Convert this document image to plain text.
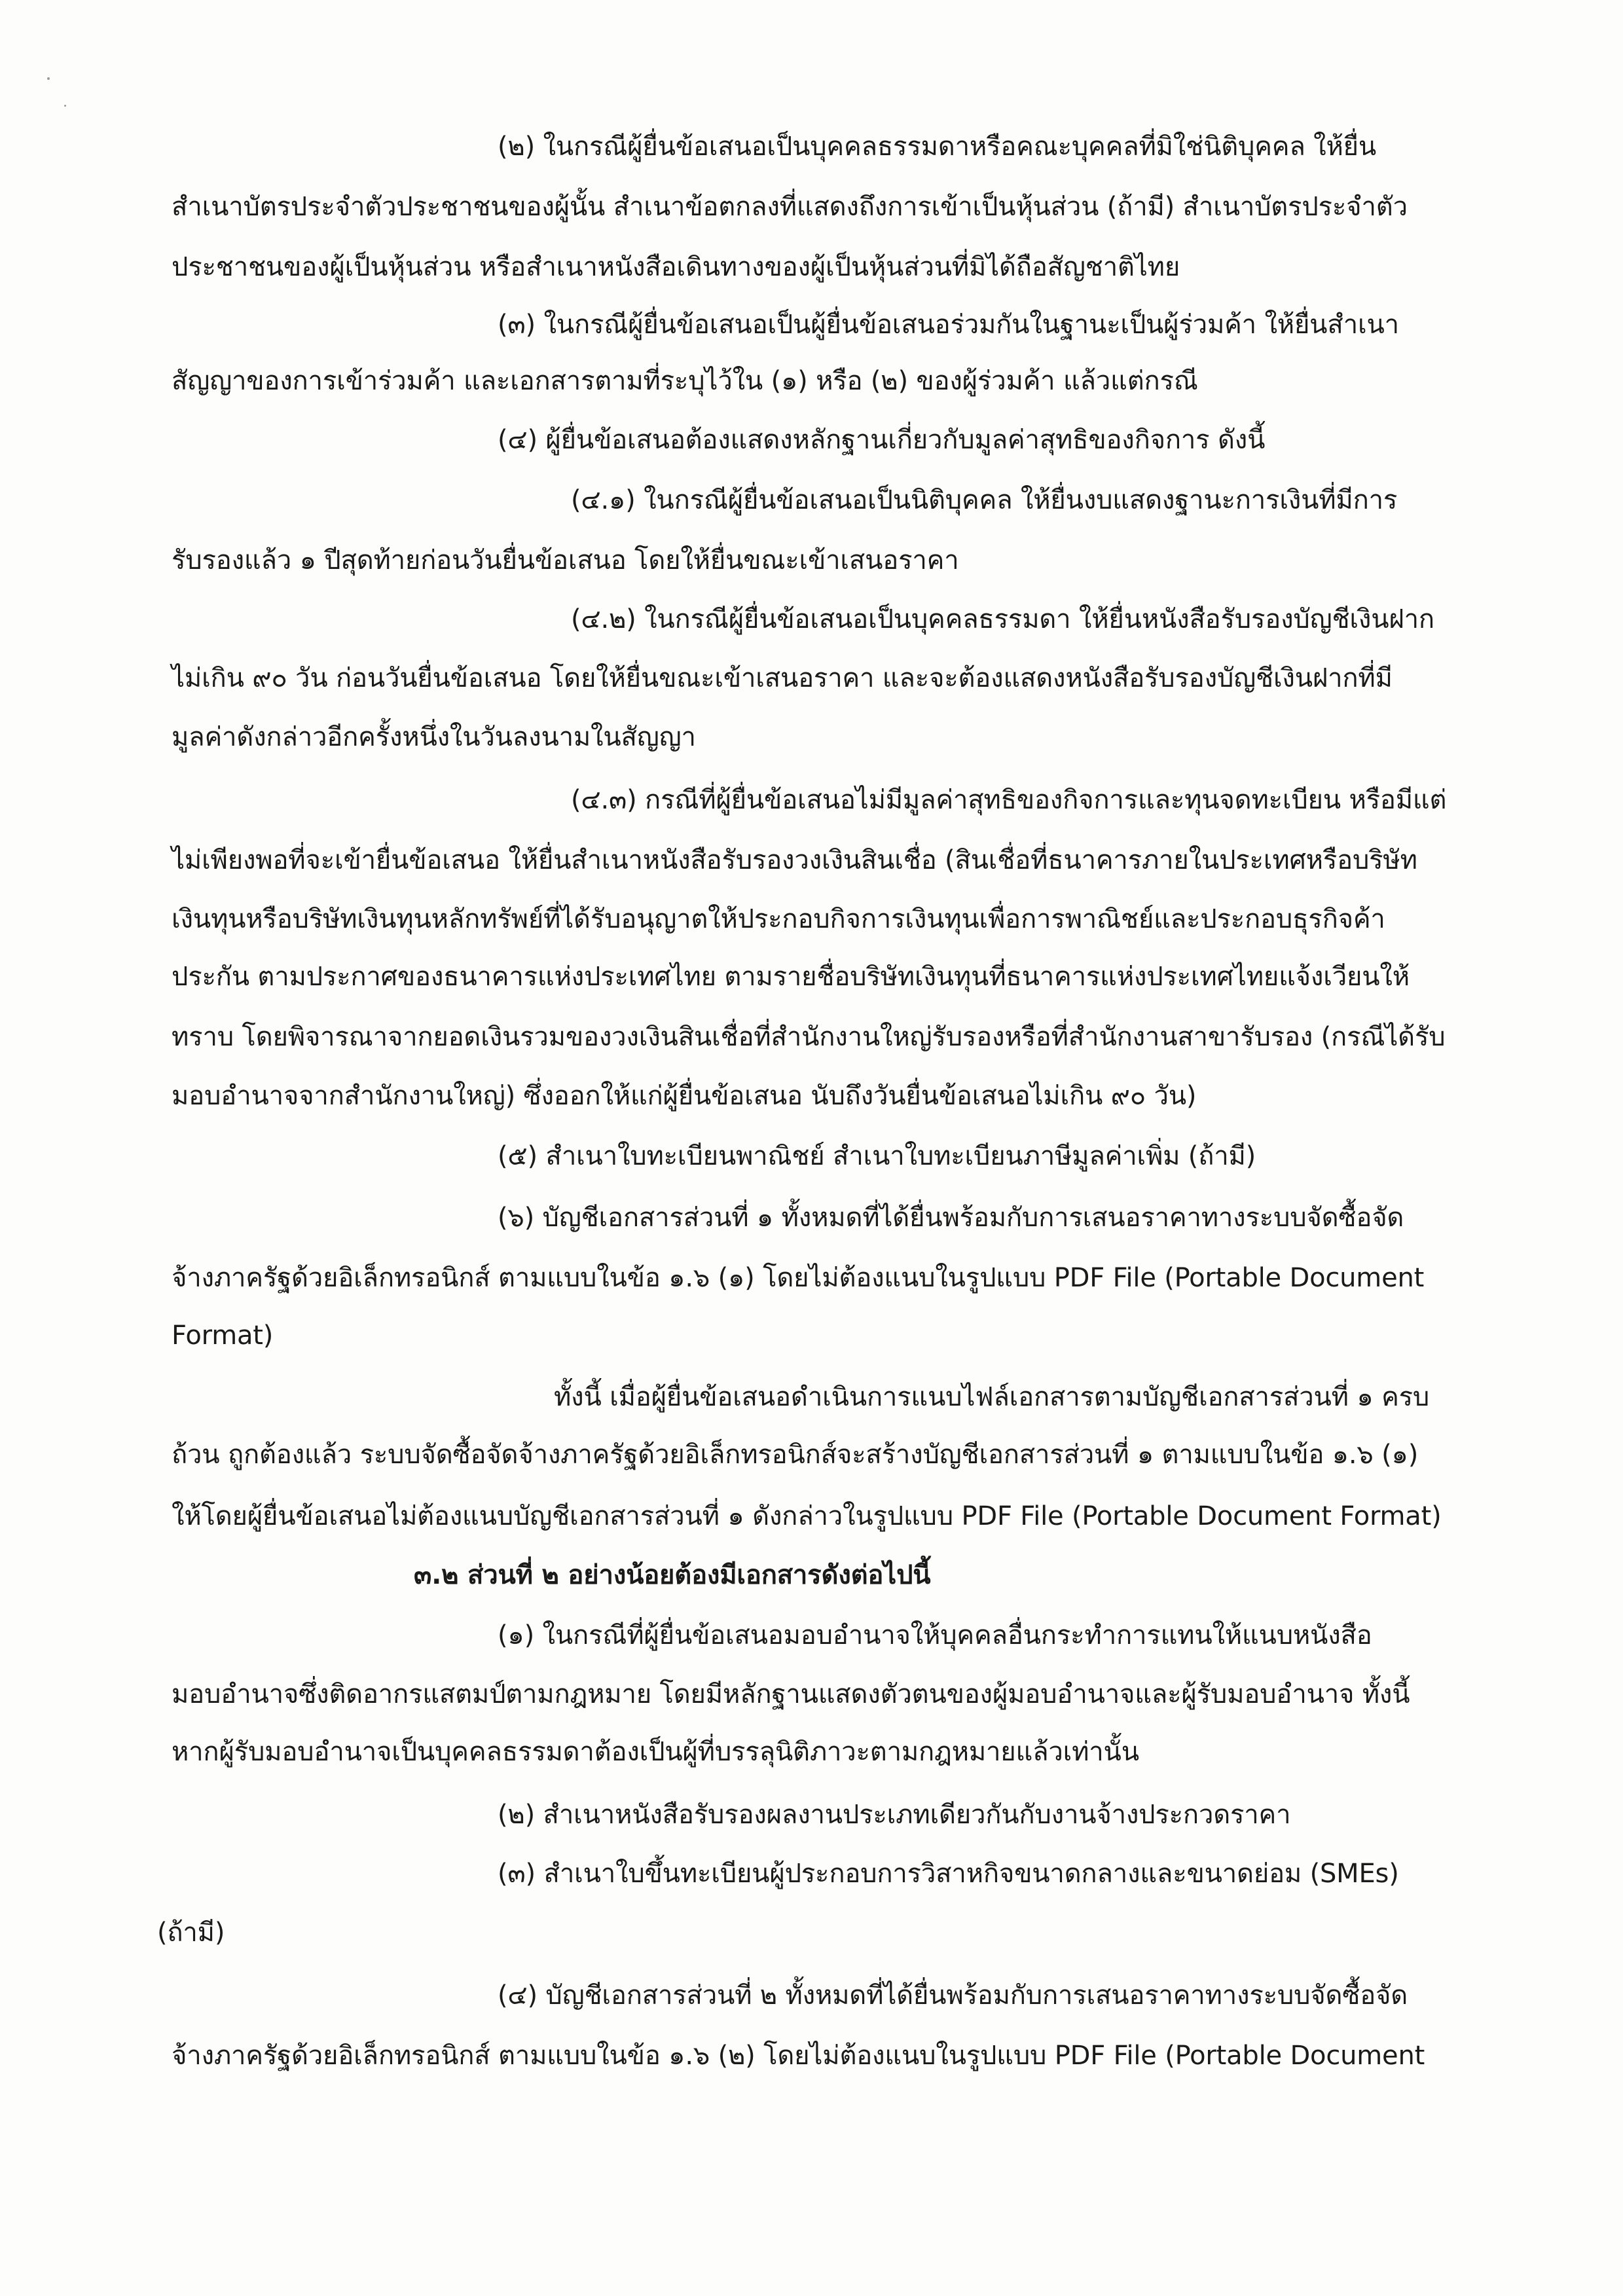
(๒) ในกรณีผู้ยื่นข้อเสนอเป็นบุคคลธรรมดาหรือคณะบุคคลที่มิใช่นิติบุคคล ให้ยื่น
สำเนาบัตรประจำตัวประชาชนของผู้นั้น สำเนาข้อตกลงที่แสดงถึงการเข้าเป็นหุ้นส่วน (ถ้ามี) สำเนาบัตรประจำตัว
ประชาชนของผู้เป็นหุ้นส่วน หรือสำเนาหนังสือเดินทางของผู้เป็นหุ้นส่วนที่มิได้ถือสัญชาติไทย
(๓) ในกรณีผู้ยื่นข้อเสนอเป็นผู้ยื่นข้อเสนอร่วมกันในฐานะเป็นผู้ร่วมค้า ให้ยื่นสำเนา
สัญญาของการเข้าร่วมค้า และเอกสารตามที่ระบุไว้ใน (๑) หรือ (๒) ของผู้ร่วมค้า แล้วแต่กรณี
(๔) ผู้ยื่นข้อเสนอต้องแสดงหลักฐานเกี่ยวกับมูลค่าสุทธิของกิจการ ดังนี้
(๔.๑) ในกรณีผู้ยื่นข้อเสนอเป็นนิติบุคคล ให้ยื่นงบแสดงฐานะการเงินที่มีการ
รับรองแล้ว ๑ ปีสุดท้ายก่อนวันยื่นข้อเสนอ โดยให้ยื่นขณะเข้าเสนอราคา
(๔.๒) ในกรณีผู้ยื่นข้อเสนอเป็นบุคคลธรรมดา ให้ยื่นหนังสือรับรองบัญชีเงินฝาก
ไม่เกิน ๙๐ วัน ก่อนวันยื่นข้อเสนอ โดยให้ยื่นขณะเข้าเสนอราคา และจะต้องแสดงหนังสือรับรองบัญชีเงินฝากที่มี
มูลค่าดังกล่าวอีกครั้งหนึ่งในวันลงนามในสัญญา
(๔.๓) กรณีที่ผู้ยื่นข้อเสนอไม่มีมูลค่าสุทธิของกิจการและทุนจดทะเบียน หรือมีแต่
ไม่เพียงพอที่จะเข้ายื่นข้อเสนอ ให้ยื่นสำเนาหนังสือรับรองวงเงินสินเชื่อ (สินเชื่อที่ธนาคารภายในประเทศหรือบริษัท
เงินทุนหรือบริษัทเงินทุนหลักทรัพย์ที่ได้รับอนุญาตให้ประกอบกิจการเงินทุนเพื่อการพาณิชย์และประกอบธุรกิจค้า
ประกัน ตามประกาศของธนาคารแห่งประเทศไทย ตามรายชื่อบริษัทเงินทุนที่ธนาคารแห่งประเทศไทยแจ้งเวียนให้
ทราบ โดยพิจารณาจากยอดเงินรวมของวงเงินสินเชื่อที่สำนักงานใหญ่รับรองหรือที่สำนักงานสาขารับรอง (กรณีได้รับ
มอบอำนาจจากสำนักงานใหญ่) ซึ่งออกให้แก่ผู้ยื่นข้อเสนอ นับถึงวันยื่นข้อเสนอไม่เกิน ๙๐ วัน)
(๕) สำเนาใบทะเบียนพาณิชย์ สำเนาใบทะเบียนภาษีมูลค่าเพิ่ม (ถ้ามี)
(๖) บัญชีเอกสารส่วนที่ ๑ ทั้งหมดที่ได้ยื่นพร้อมกับการเสนอราคาทางระบบจัดซื้อจัด
จ้างภาครัฐด้วยอิเล็กทรอนิกส์ ตามแบบในข้อ ๑.๖ (๑) โดยไม่ต้องแนบในรูปแบบ PDF File (Portable Document
Format)
ทั้งนี้ เมื่อผู้ยื่นข้อเสนอดำเนินการแนบไฟล์เอกสารตามบัญชีเอกสารส่วนที่ ๑ ครบ
ถ้วน ถูกต้องแล้ว ระบบจัดซื้อจัดจ้างภาครัฐด้วยอิเล็กทรอนิกส์จะสร้างบัญชีเอกสารส่วนที่ ๑ ตามแบบในข้อ ๑.๖ (๑)
ให้โดยผู้ยื่นข้อเสนอไม่ต้องแนบบัญชีเอกสารส่วนที่ ๑ ดังกล่าวในรูปแบบ PDF File (Portable Document Format)
๓.๒ ส่วนที่ ๒ อย่างน้อยต้องมีเอกสารดังต่อไปนี้
(๑) ในกรณีที่ผู้ยื่นข้อเสนอมอบอำนาจให้บุคคลอื่นกระทำการแทนให้แนบหนังสือ
มอบอำนาจซึ่งติดอากรแสตมป์ตามกฎหมาย โดยมีหลักฐานแสดงตัวตนของผู้มอบอำนาจและผู้รับมอบอำนาจ ทั้งนี้
หากผู้รับมอบอำนาจเป็นบุคคลธรรมดาต้องเป็นผู้ที่บรรลุนิติภาวะตามกฎหมายแล้วเท่านั้น
(๒) สำเนาหนังสือรับรองผลงานประเภทเดียวกันกับงานจ้างประกวดราคา
(๓) สำเนาใบขึ้นทะเบียนผู้ประกอบการวิสาหกิจขนาดกลางและขนาดย่อม (SMEs)
(ถ้ามี)
(๔) บัญชีเอกสารส่วนที่ ๒ ทั้งหมดที่ได้ยื่นพร้อมกับการเสนอราคาทางระบบจัดซื้อจัด
จ้างภาครัฐด้วยอิเล็กทรอนิกส์ ตามแบบในข้อ ๑.๖ (๒) โดยไม่ต้องแนบในรูปแบบ PDF File (Portable Document
